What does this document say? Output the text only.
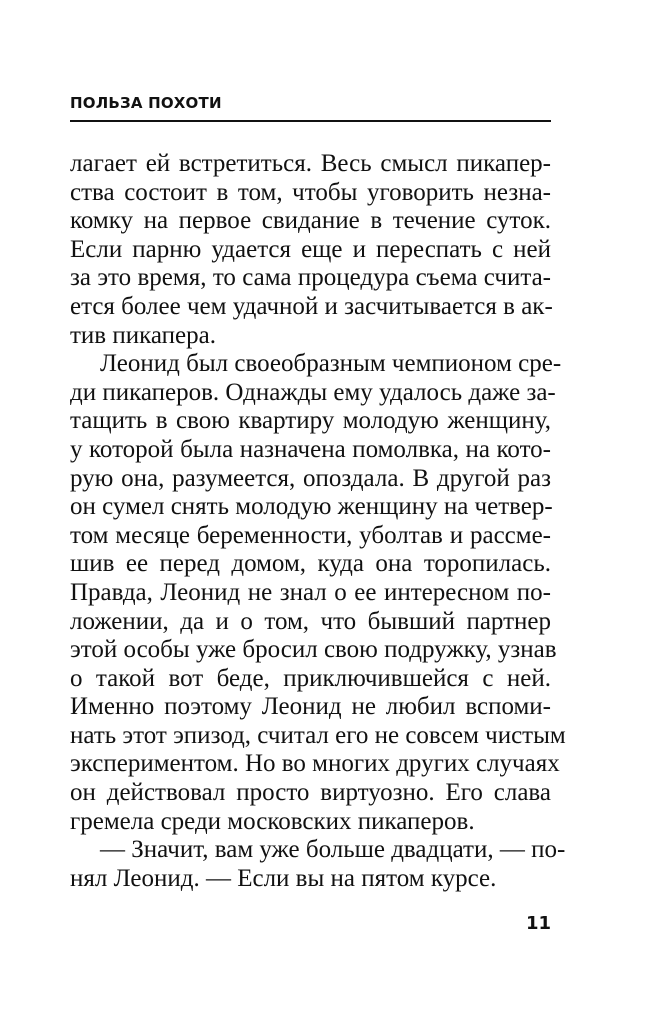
ПОЛЬЗА ПОХОТИ
лагает ей встретиться. Весь смысл пикапер-
ства состоит в том, чтобы уговорить незна-
комку на первое свидание в течение суток.
Если парню удается еще и переспать с ней
за это время, то сама процедура съема счита-
ется более чем удачной и засчитывается в ак-
тив пикапера.
Леонид был своеобразным чемпионом сре-
ди пикаперов. Однажды ему удалось даже за-
тащить в свою квартиру молодую женщину,
у которой была назначена помолвка, на кото-
рую она, разумеется, опоздала. В другой раз
он сумел снять молодую женщину на четвер-
том месяце беременности, уболтав и рассме-
шив ее перед домом, куда она торопилась.
Правда, Леонид не знал о ее интересном по-
ложении, да и о том, что бывший партнер
этой особы уже бросил свою подружку, узнав
о такой вот беде, приключившейся с ней.
Именно поэтому Леонид не любил вспоми-
нать этот эпизод, считал его не совсем чистым
экспериментом. Но во многих других случаях
он действовал просто виртуозно. Его слава
гремела среди московских пикаперов.
— Значит, вам уже больше двадцати, — по-
нял Леонид. — Если вы на пятом курсе.
11
